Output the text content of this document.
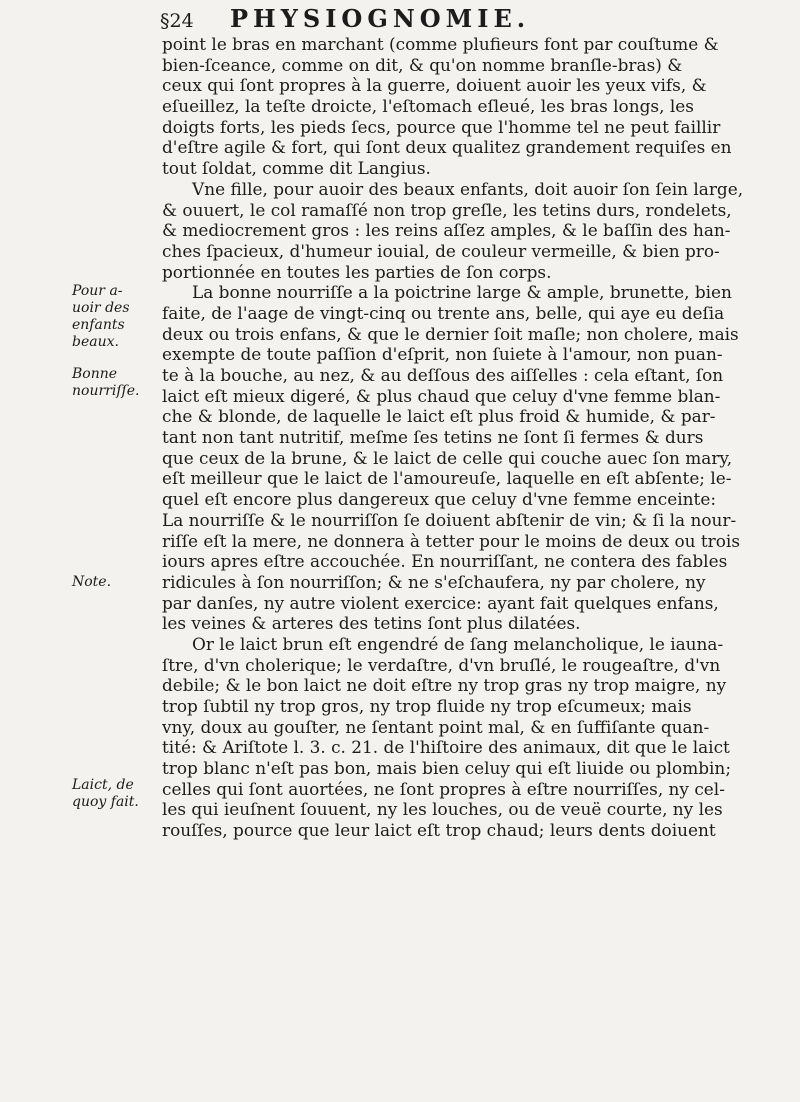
§24	PHYSIOGNOMIE.
Pour a-
uoir des
enfants
beaux.
Bonne
nourriſſe.
Note.
Laict, de
quoy fait.
point le bras en marchant (comme plufieurs font par couſtume &
bien-ſceance, comme on dit, & qu'on nomme branſle-bras) &
ceux qui ſont propres à la guerre, doiuent auoir les yeux vifs, &
eſueillez, la teſte droicte, l'eſtomach eſleué, les bras longs, les
doigts forts, les pieds ſecs, pource que l'homme tel ne peut faillir
d'eſtre agile & fort, qui ſont deux qualitez grandement requiſes en
tout ſoldat, comme dit Langius.
Vne fille, pour auoir des beaux enfants, doit auoir ſon ſein large,
& ouuert, le col ramaſſé non trop greſle, les tetins durs, rondelets,
& mediocrement gros : les reins aſſez amples, & le baſſin des han-
ches ſpacieux, d'humeur iouial, de couleur vermeille, & bien pro-
portionnée en toutes les parties de ſon corps.
La bonne nourriſſe a la poictrine large & ample, brunette, bien
faite, de l'aage de vingt-cinq ou trente ans, belle, qui aye eu deſia
deux ou trois enfans, & que le dernier ſoit maſle; non cholere, mais
exempte de toute paſſion d'eſprit, non ſuiete à l'amour, non puan-
te à la bouche, au nez, & au deſſous des aiſſelles : cela eſtant, ſon
laict eſt mieux digeré, & plus chaud que celuy d'vne femme blan-
che & blonde, de laquelle le laict eſt plus froid & humide, & par-
tant non tant nutritif, meſme ſes tetins ne ſont ſi fermes & durs
que ceux de la brune, & le laict de celle qui couche auec ſon mary,
eſt meilleur que le laict de l'amoureuſe, laquelle en eſt abſente; le-
quel eſt encore plus dangereux que celuy d'vne femme enceinte:
La nourriſſe & le nourriſſon ſe doiuent abſtenir de vin; & ſi la nour-
riſſe eſt la mere, ne donnera à tetter pour le moins de deux ou trois
iours apres eſtre accouchée. En nourriſſant, ne contera des fables
ridicules à ſon nourriſſon; & ne s'eſchaufera, ny par cholere, ny
par danſes, ny autre violent exercice: ayant fait quelques enfans,
les veines & arteres des tetins ſont plus dilatées.
Or le laict brun eſt engendré de ſang melancholique, le iauna-
ſtre, d'vn cholerique; le verdaſtre, d'vn bruſlé, le rougeaſtre, d'vn
debile; & le bon laict ne doit eſtre ny trop gras ny trop maigre, ny
trop ſubtil ny trop gros, ny trop fluide ny trop eſcumeux; mais
vny, doux au gouſter, ne ſentant point mal, & en ſuffiſante quan-
tité: & Ariſtote l. 3. c. 21. de l'hiſtoire des animaux, dit que le laict
trop blanc n'eſt pas bon, mais bien celuy qui eſt liuide ou plombin;
celles qui ſont auortées, ne ſont propres à eſtre nourriſſes, ny cel-
les qui ieuſnent ſouuent, ny les louches, ou de veuë courte, ny les
rouſſes, pource que leur laict eſt trop chaud; leurs dents doiuent
